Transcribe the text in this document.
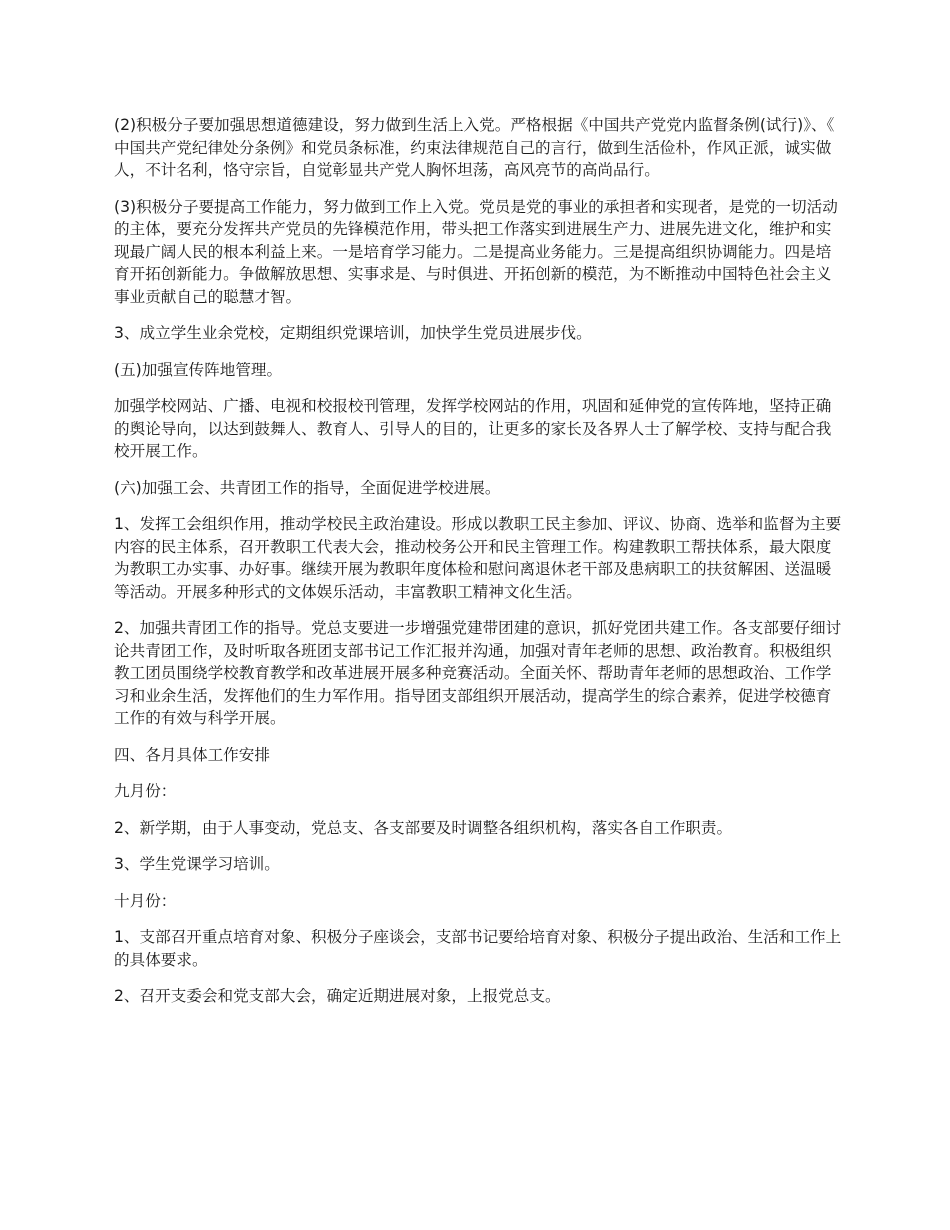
(2)积极分子要加强思想道德建设，努力做到生活上入党。严格根据《中国共产党党内监督条例(试行)》、《中国共产党纪律处分条例》和党员条标准，约束法律规范自己的言行，做到生活俭朴，作风正派，诚实做人，不计名利，恪守宗旨，自觉彰显共产党人胸怀坦荡，高风亮节的高尚品行。

(3)积极分子要提高工作能力，努力做到工作上入党。党员是党的事业的承担者和实现者，是党的一切活动的主体，要充分发挥共产党员的先锋模范作用，带头把工作落实到进展生产力、进展先进文化，维护和实现最广阔人民的根本利益上来。一是培育学习能力。二是提高业务能力。三是提高组织协调能力。四是培育开拓创新能力。争做解放思想、实事求是、与时俱进、开拓创新的模范，为不断推动中国特色社会主义事业贡献自己的聪慧才智。

3、成立学生业余党校，定期组织党课培训，加快学生党员进展步伐。

(五)加强宣传阵地管理。

加强学校网站、广播、电视和校报校刊管理，发挥学校网站的作用，巩固和延伸党的宣传阵地，坚持正确的舆论导向，以达到鼓舞人、教育人、引导人的目的，让更多的家长及各界人士了解学校、支持与配合我校开展工作。

(六)加强工会、共青团工作的指导，全面促进学校进展。

1、发挥工会组织作用，推动学校民主政治建设。形成以教职工民主参加、评议、协商、选举和监督为主要内容的民主体系，召开教职工代表大会，推动校务公开和民主管理工作。构建教职工帮扶体系，最大限度为教职工办实事、办好事。继续开展为教职年度体检和慰问离退休老干部及患病职工的扶贫解困、送温暖等活动。开展多种形式的文体娱乐活动，丰富教职工精神文化生活。

2、加强共青团工作的指导。党总支要进一步增强党建带团建的意识，抓好党团共建工作。各支部要仔细讨论共青团工作，及时听取各班团支部书记工作汇报并沟通，加强对青年老师的思想、政治教育。积极组织教工团员围绕学校教育教学和改革进展开展多种竞赛活动。全面关怀、帮助青年老师的思想政治、工作学习和业余生活，发挥他们的生力军作用。指导团支部组织开展活动，提高学生的综合素养，促进学校德育工作的有效与科学开展。

四、各月具体工作安排

九月份：

2、新学期，由于人事变动，党总支、各支部要及时调整各组织机构，落实各自工作职责。

3、学生党课学习培训。

十月份：

1、支部召开重点培育对象、积极分子座谈会，支部书记要给培育对象、积极分子提出政治、生活和工作上的具体要求。

2、召开支委会和党支部大会，确定近期进展对象，上报党总支。
